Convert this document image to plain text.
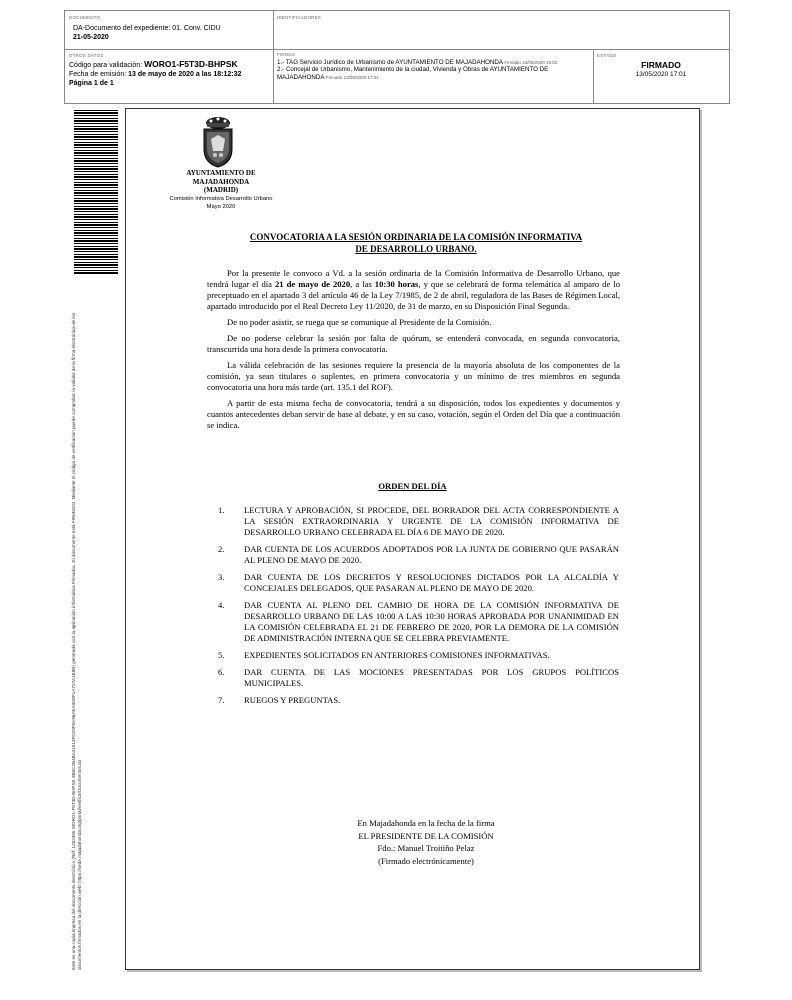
DOCUMENTO
DA-Documento del expediente: 01. Conv. CIDU
21-05-2020
IDENTIFICADORES
OTROS DATOS
Código para validación: WORO1-F5T3D-BHPSK
Fecha de emisión: 13 de mayo de 2020 a las 18:12:32
Página 1 de 1
FIRMAS
1.- TAG Servicio Jurídico de Urbanismo de AYUNTAMIENTO DE MAJADAHONDA Firmado 13/05/2020 15:52
2.- Concejal de Urbanismo, Mantenimiento de la ciudad, Vivienda y Obras de AYUNTAMIENTO DE MAJADAHONDA Firmado 13/05/2020 17:01
ESTADO
FIRMADO
13/05/2020 17:01
Este es una copia impresa del documento electrónico (Ref: 1262465 WORO1-F5T3D-BHPSK 9B6C2B4BA41513FD29F0A96AEA3D0F1A727A1E8B) generada con la aplicación informática Firmadoc. El documento está FIRMADO. Mediante el código de verificación puede comprobar la validez de la firma electrónica de los documentos firmados en la dirección web: https://sede.majadahonda.org/portal/verificarDocumentos.do
AYUNTAMIENTO DE
MAJADAHONDA
(MADRID)
Comisión Informativa Desarrollo Urbano
Mayo 2020
CONVOCATORIA A LA SESIÓN ORDINARIA DE LA COMISIÓN INFORMATIVA
DE DESARROLLO URBANO.

Por la presente le convoco a Vd. a la sesión ordinaria de la Comisión Informativa de Desarrollo Urbano, que tendrá lugar el día 21 de mayo de 2020, a las 10:30 horas, y que se celebrará de forma telemática al amparo de lo preceptuado en el apartado 3 del artículo 46 de la Ley 7/1985, de 2 de abril, reguladora de las Bases de Régimen Local, apartado introducido por el Real Decreto Ley 11/2020, de 31 de marzo, en su Disposición Final Segunda.

De no poder asistir, se ruega que se comunique al Presidente de la Comisión.

De no poderse celebrar la sesión por falta de quórum, se entenderá convocada, en segunda convocatoria, transcurrida una hora desde la primera convocatoria.

La válida celebración de las sesiones requiere la presencia de la mayoría absoluta de los componentes de la comisión, ya sean titulares o suplentes, en primera convocatoria y un mínimo de tres miembros en segunda convocatoria una hora más tarde (art. 135.1 del ROF).

A partir de esta misma fecha de convocatoria, tendrá a su disposición, todos los expedientes y documentos y cuantos antecedentes deban servir de base al debate, y en su caso, votación, según el Orden del Día que a continuación se indica.

ORDEN DEL DÍA
1. LECTURA Y APROBACIÓN, SI PROCEDE, DEL BORRADOR DEL ACTA CORRESPONDIENTE A LA SESIÓN EXTRAORDINARIA Y URGENTE DE LA COMISIÓN INFORMATIVA DE DESARROLLO URBANO CELEBRADA EL DÍA 6 DE MAYO DE 2020.
2. DAR CUENTA DE LOS ACUERDOS ADOPTADOS POR LA JUNTA DE GOBIERNO QUE PASARÁN AL PLENO DE MAYO DE 2020.
3. DAR CUENTA DE LOS DECRETOS Y RESOLUCIONES DICTADOS POR LA ALCALDÍA Y CONCEJALES DELEGADOS, QUE PASARAN AL PLENO DE MAYO DE 2020.
4. DAR CUENTA AL PLENO DEL CAMBIO DE HORA DE LA COMISIÓN INFORMATIVA DE DESARROLLO URBANO DE LAS 10:00 A LAS 10:30 HORAS APROBADA POR UNANIMIDAD EN LA COMISIÓN CELEBRADA EL 21 DE FEBRERO DE 2020, POR LA DEMORA DE LA COMISIÓN DE ADMINISTRACIÓN INTERNA QUE SE CELEBRA PREVIAMENTE.
5. EXPEDIENTES SOLICITADOS EN ANTERIORES COMISIONES INFORMATIVAS.
6. DAR CUENTA DE LAS MOCIONES PRESENTADAS POR LOS GRUPOS POLÍTICOS MUNICIPALES.
7. RUEGOS Y PREGUNTAS.
En Majadahonda en la fecha de la firma
EL PRESIDENTE DE LA COMISIÓN
Fdo.: Manuel Troitiño Pelaz
(Firmado electrónicamente)
